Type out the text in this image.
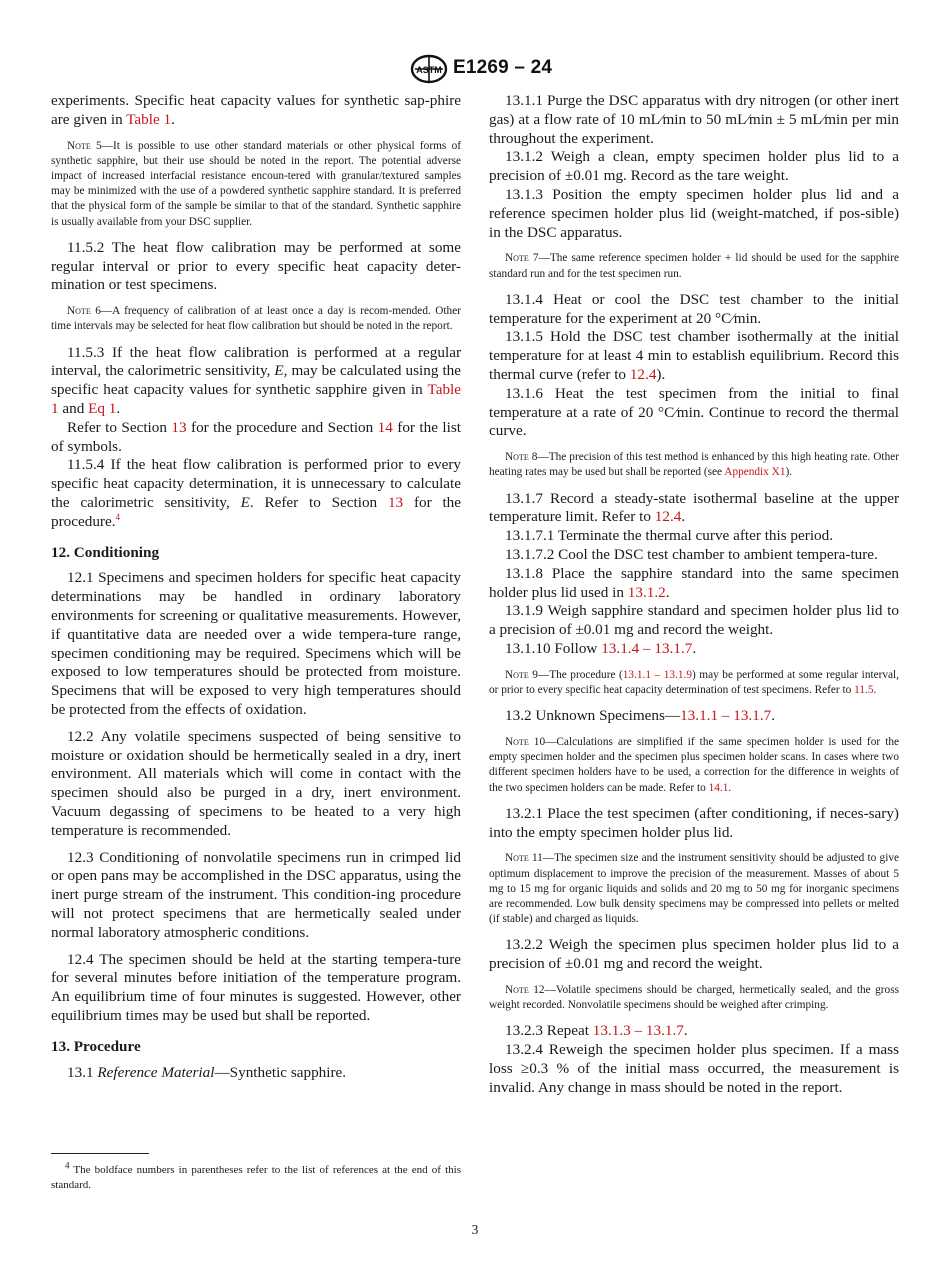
ASTM E1269 – 24

experiments. Specific heat capacity values for synthetic sap-phire are given in Table 1.

Note 5—It is possible to use other standard materials or other physical forms of synthetic sapphire, but their use should be noted in the report. The potential adverse impact of increased interfacial resistance encoun-tered with granular/textured samples may be minimized with the use of a powdered synthetic sapphire standard. It is preferred that the physical form of the sample be similar to that of the standard. Synthetic sapphire is usually available from your DSC supplier.

11.5.2 The heat flow calibration may be performed at some regular interval or prior to every specific heat capacity deter-mination or test specimens.

Note 6—A frequency of calibration of at least once a day is recom-mended. Other time intervals may be selected for heat flow calibration but should be noted in the report.

11.5.3 If the heat flow calibration is performed at a regular interval, the calorimetric sensitivity, E, may be calculated using the specific heat capacity values for synthetic sapphire given in Table 1 and Eq 1.

Refer to Section 13 for the procedure and Section 14 for the list of symbols.

11.5.4 If the heat flow calibration is performed prior to every specific heat capacity determination, it is unnecessary to calculate the calorimetric sensitivity, E. Refer to Section 13 for the procedure.$^4$

12. Conditioning

12.1 Specimens and specimen holders for specific heat capacity determinations may be handled in ordinary laboratory environments for screening or qualitative measurements. However, if quantitative data are needed over a wide tempera-ture range, specimen conditioning may be required. Specimens which will be exposed to low temperatures should be protected from moisture. Specimens that will be exposed to very high temperatures should be protected from the effects of oxidation.

12.2 Any volatile specimens suspected of being sensitive to moisture or oxidation should be hermetically sealed in a dry, inert environment. All materials which will come in contact with the specimen should also be purged in a dry, inert environment. Vacuum degassing of specimens to be heated to a very high temperature is recommended.

12.3 Conditioning of nonvolatile specimens run in crimped lid or open pans may be accomplished in the DSC apparatus, using the inert purge stream of the instrument. This condition-ing procedure will not protect specimens that are hermetically sealed under normal laboratory atmospheric conditions.

12.4 The specimen should be held at the starting tempera-ture for several minutes before initiation of the temperature program. An equilibrium time of four minutes is suggested. However, other equilibrium times may be used but shall be reported.

13. Procedure

13.1 Reference Material—Synthetic sapphire.

13.1.1 Purge the DSC apparatus with dry nitrogen (or other inert gas) at a flow rate of 10 mL⁄min to 50 mL⁄min ± 5 mL⁄min per min throughout the experiment.

13.1.2 Weigh a clean, empty specimen holder plus lid to a precision of ±0.01 mg. Record as the tare weight.

13.1.3 Position the empty specimen holder plus lid and a reference specimen holder plus lid (weight-matched, if pos-sible) in the DSC apparatus.

Note 7—The same reference specimen holder + lid should be used for the sapphire standard run and for the test specimen run.

13.1.4 Heat or cool the DSC test chamber to the initial temperature for the experiment at 20 °C⁄min.

13.1.5 Hold the DSC test chamber isothermally at the initial temperature for at least 4 min to establish equilibrium. Record this thermal curve (refer to 12.4).

13.1.6 Heat the test specimen from the initial to final temperature at a rate of 20 °C⁄min. Continue to record the thermal curve.

Note 8—The precision of this test method is enhanced by this high heating rate. Other heating rates may be used but shall be reported (see Appendix X1).

13.1.7 Record a steady-state isothermal baseline at the upper temperature limit. Refer to 12.4.

13.1.7.1 Terminate the thermal curve after this period.

13.1.7.2 Cool the DSC test chamber to ambient tempera-ture.

13.1.8 Place the sapphire standard into the same specimen holder plus lid used in 13.1.2.

13.1.9 Weigh sapphire standard and specimen holder plus lid to a precision of ±0.01 mg and record the weight.

13.1.10 Follow 13.1.4 – 13.1.7.

Note 9—The procedure (13.1.1 – 13.1.9) may be performed at some regular interval, or prior to every specific heat capacity determination of test specimens. Refer to 11.5.

13.2 Unknown Specimens—13.1.1 – 13.1.7.

Note 10—Calculations are simplified if the same specimen holder is used for the empty specimen holder and the specimen plus specimen holder scans. In cases where two different specimen holders have to be used, a correction for the difference in weights of the two specimen holders can be made. Refer to 14.1.

13.2.1 Place the test specimen (after conditioning, if neces-sary) into the empty specimen holder plus lid.

Note 11—The specimen size and the instrument sensitivity should be adjusted to give optimum displacement to improve the precision of the measurement. Masses of about 5 mg to 15 mg for organic liquids and solids and 20 mg to 50 mg for inorganic specimens are recommended. Low bulk density specimens may be compressed into pellets or melted (if stable) and charged as liquids.

13.2.2 Weigh the specimen plus specimen holder plus lid to a precision of ±0.01 mg and record the weight.

Note 12—Volatile specimens should be charged, hermetically sealed, and the gross weight recorded. Nonvolatile specimens should be weighed after crimping.

13.2.3 Repeat 13.1.3 – 13.1.7.

13.2.4 Reweigh the specimen holder plus specimen. If a mass loss ≥0.3 % of the initial mass occurred, the measurement is invalid. Any change in mass should be noted in the report.

$^4$ The boldface numbers in parentheses refer to the list of references at the end of this standard.

3
